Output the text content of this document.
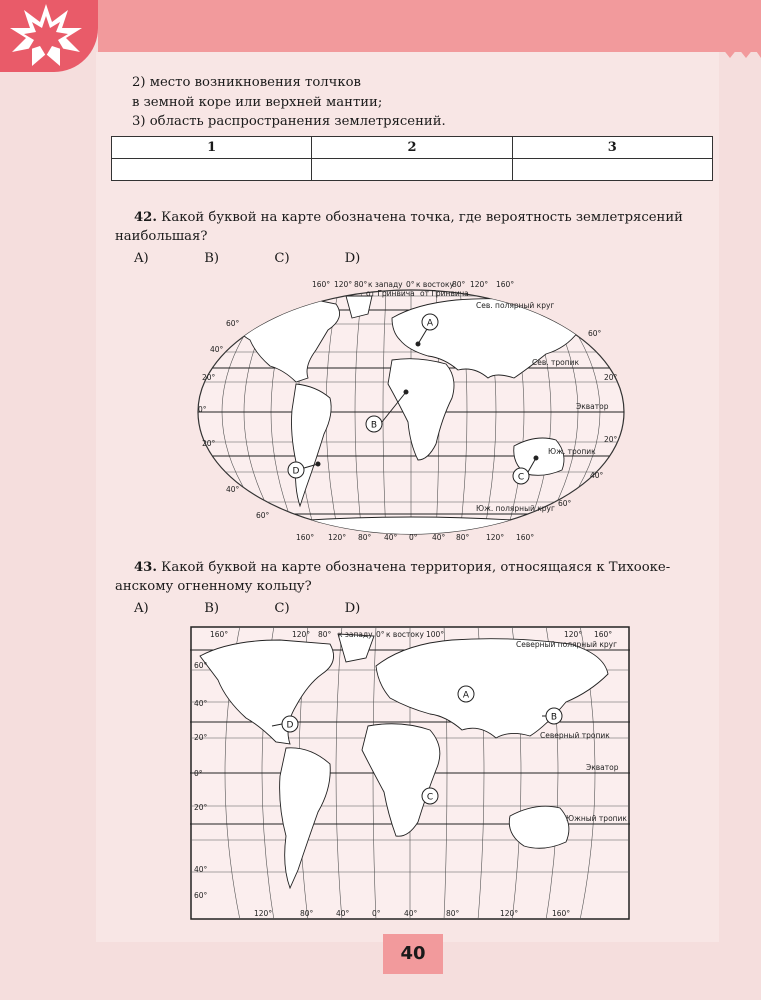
2) место возникновения толчков
в земной коре или верхней мантии;
3) область распространения землетрясений.
1	2	3

42. Какой буквой на карте обозначена точка, где вероятность землетрясений
наибольшая?
A)	B)	C)	D)
A
B
C
D
160° 120° 80° к западу 0° к востоку
80° 120° 160°
от Гринвича от Гринвича
Сев. полярный круг
Сев. тропик
Экватор
Юж. тропик
Юж. полярный круг
60°
40°
20°
0°
20°
40°
60°
60°
20°
20°
40°
60°
160° 120° 80° 40° 0° 40° 80° 120° 160°
43. Какой буквой на карте обозначена территория, относящаяся к Тихооке-
анскому огненному кольцу?
A)	B)	C)	D)
A
B
C
D
160°	120° 80° к западу 0° к востоку 100°	120° 160°
Северный полярный круг
Северный тропик
Экватор
Южный тропик
60°
40°
20°
0°
20°
40°
60°
120°	80°	40°	0°	40°	80°	120°	160°
40
